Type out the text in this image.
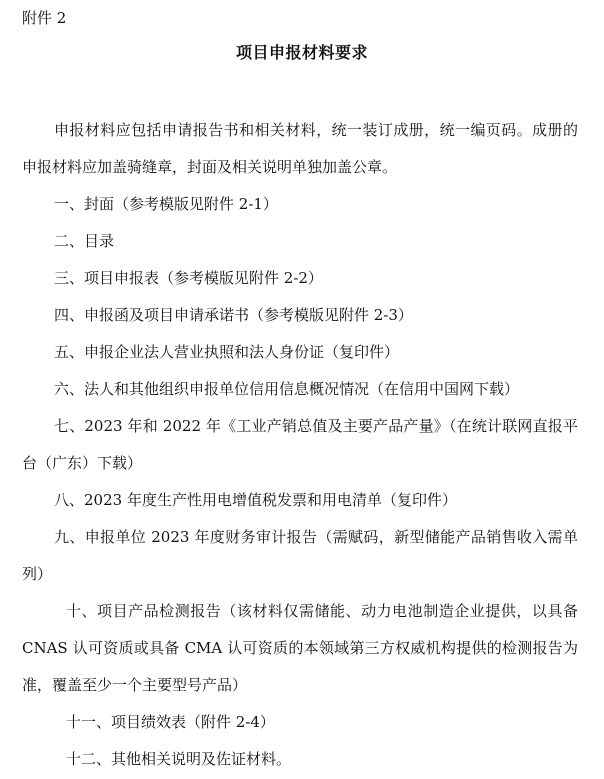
附件 2
项目申报材料要求
申报材料应包括申请报告书和相关材料，统一装订成册，统一编页码。成册的申报材料应加盖骑缝章，封面及相关说明单独加盖公章。
一、封面（参考模版见附件 2-1）
二、目录
三、项目申报表（参考模版见附件 2-2）
四、申报函及项目申请承诺书（参考模版见附件 2-3）
五、申报企业法人营业执照和法人身份证（复印件）
六、法人和其他组织申报单位信用信息概况情况（在信用中国网下载）
七、2023 年和 2022 年《工业产销总值及主要产品产量》（在统计联网直报平台（广东）下载）
八、2023 年度生产性用电增值税发票和用电清单（复印件）
九、申报单位 2023 年度财务审计报告（需赋码，新型储能产品销售收入需单列）
十、项目产品检测报告（该材料仅需储能、动力电池制造企业提供，以具备 CNAS 认可资质或具备 CMA 认可资质的本领域第三方权威机构提供的检测报告为准，覆盖至少一个主要型号产品）
十一、项目绩效表（附件 2-4）
十二、其他相关说明及佐证材料。
